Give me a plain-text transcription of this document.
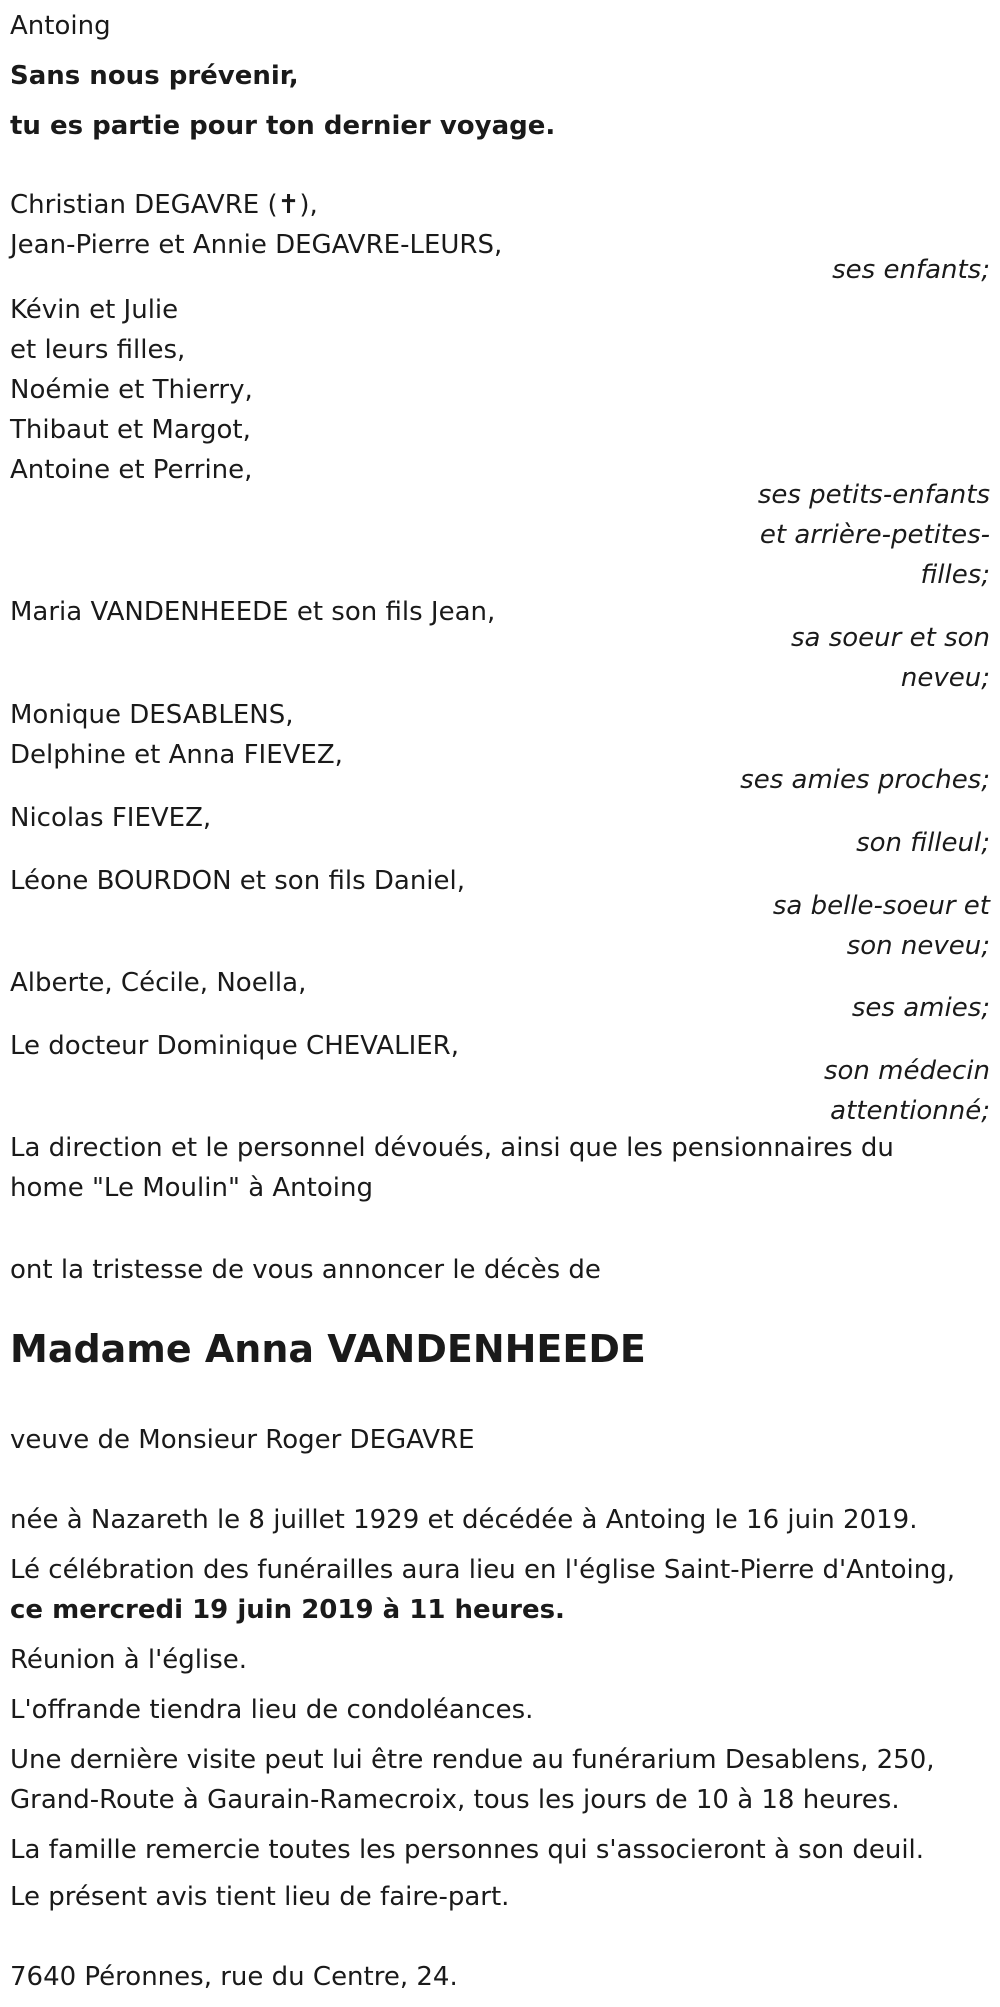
Antoing
Sans nous prévenir,
tu es partie pour ton dernier voyage.
Christian DEGAVRE (✝),
Jean-Pierre et Annie DEGAVRE-LEURS,
ses enfants;
Kévin et Julie
et leurs filles,
Noémie et Thierry,
Thibaut et Margot,
Antoine et Perrine,
ses petits-enfants
et arrière-petites-
filles;
Maria VANDENHEEDE et son fils Jean,
sa soeur et son
neveu;
Monique DESABLENS,
Delphine et Anna FIEVEZ,
ses amies proches;
Nicolas FIEVEZ,
son filleul;
Léone BOURDON et son fils Daniel,
sa belle-soeur et
son neveu;
Alberte, Cécile, Noella,
ses amies;
Le docteur Dominique CHEVALIER,
son médecin
attentionné;
La direction et le personnel dévoués, ainsi que les pensionnaires du
home "Le Moulin" à Antoing
ont la tristesse de vous annoncer le décès de
Madame Anna VANDENHEEDE
veuve de Monsieur Roger DEGAVRE
née à Nazareth le 8 juillet 1929 et décédée à Antoing le 16 juin 2019.
Lé célébration des funérailles aura lieu en l'église Saint-Pierre d'Antoing,
ce mercredi 19 juin 2019 à 11 heures.
Réunion à l'église.
L'offrande tiendra lieu de condoléances.
Une dernière visite peut lui être rendue au funérarium Desablens, 250,
Grand-Route à Gaurain-Ramecroix, tous les jours de 10 à 18 heures.
La famille remercie toutes les personnes qui s'associeront à son deuil.
Le présent avis tient lieu de faire-part.
7640 Péronnes, rue du Centre, 24.
